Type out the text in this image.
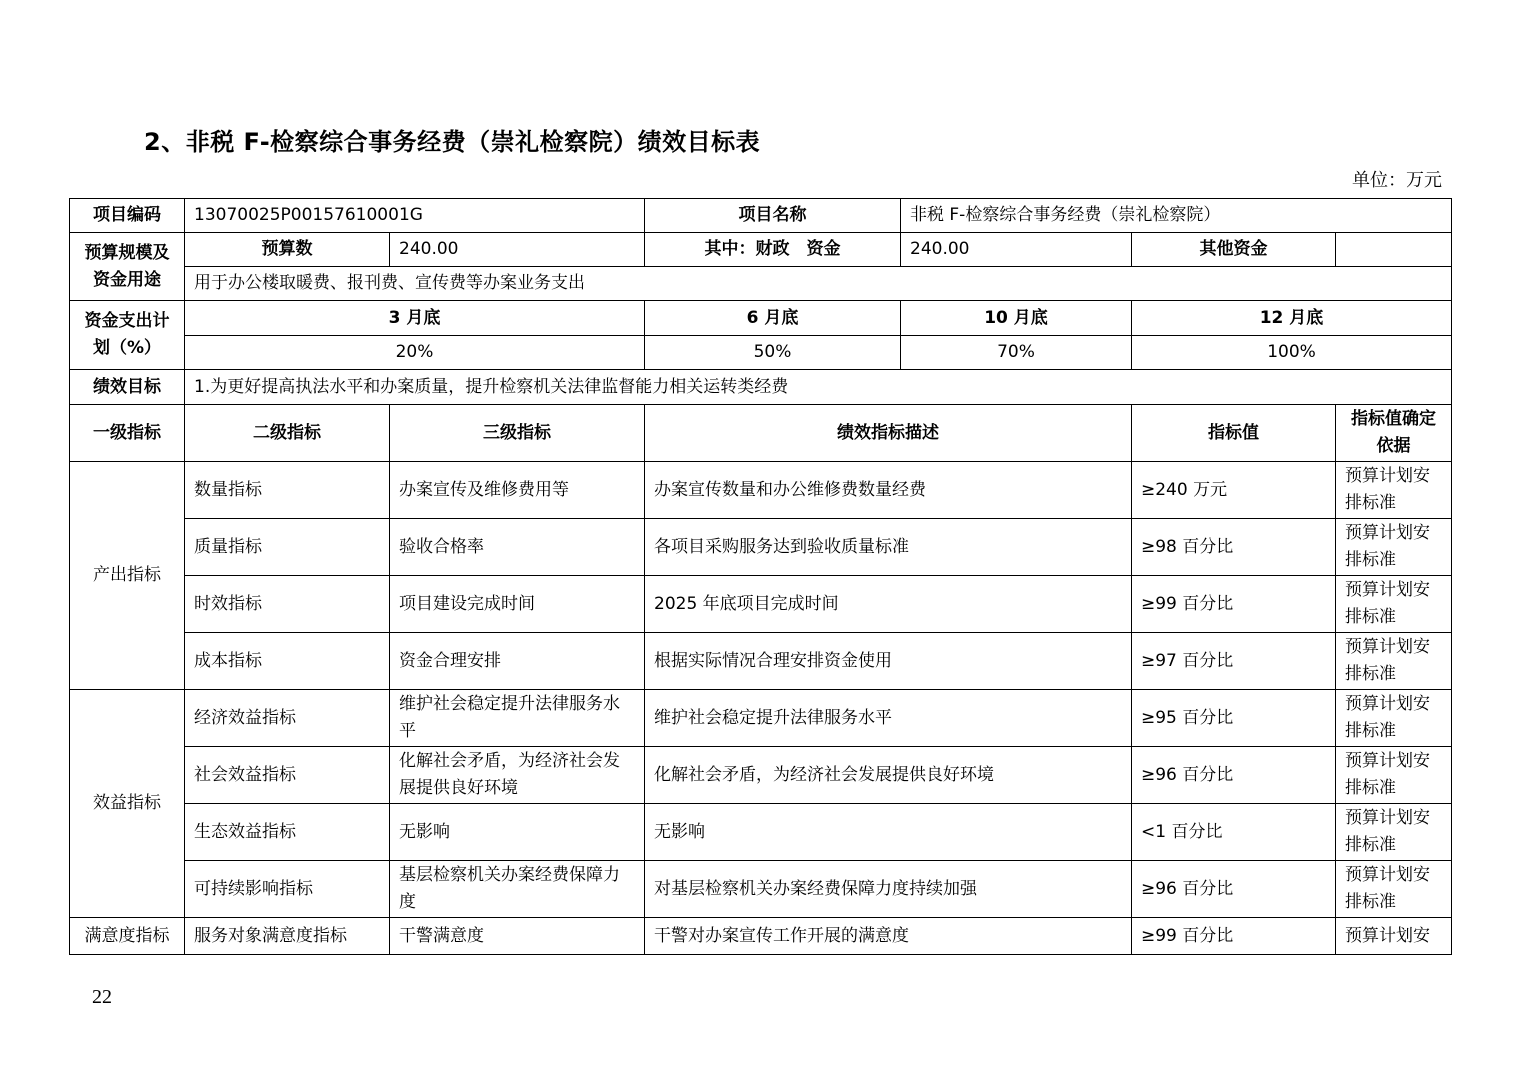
2、非税 F-检察综合事务经费（崇礼检察院）绩效目标表
单位：万元
项目编码	13070025P00157610001G		项目名称	非税 F-检察综合事务经费（崇礼检察院）		
预算规模及资金用途	预算数	240.00	其中：财政　资金	240.00	其他资金	
	用于办公楼取暖费、报刊费、宣传费等办案业务支出					
资金支出计划（%）	3 月底		6 月底	10 月底	12 月底	
	20%		50%	70%	100%	
绩效目标	1.为更好提高执法水平和办案质量，提升检察机关法律监督能力相关运转类经费					
一级指标	二级指标	三级指标	绩效指标描述		指标值	指标值确定依据
产出指标	数量指标	办案宣传及维修费用等	办案宣传数量和办公维修费数量经费		≥240 万元	预算计划安排标准
	质量指标	验收合格率	各项目采购服务达到验收质量标准		≥98 百分比	预算计划安排标准
	时效指标	项目建设完成时间	2025 年底项目完成时间		≥99 百分比	预算计划安排标准
	成本指标	资金合理安排	根据实际情况合理安排资金使用		≥97 百分比	预算计划安排标准
效益指标	经济效益指标	维护社会稳定提升法律服务水平	维护社会稳定提升法律服务水平		≥95 百分比	预算计划安排标准
	社会效益指标	化解社会矛盾，为经济社会发展提供良好环境	化解社会矛盾，为经济社会发展提供良好环境		≥96 百分比	预算计划安排标准
	生态效益指标	无影响	无影响		<1 百分比	预算计划安排标准
	可持续影响指标	基层检察机关办案经费保障力度	对基层检察机关办案经费保障力度持续加强		≥96 百分比	预算计划安排标准
满意度指标	服务对象满意度指标	干警满意度	干警对办案宣传工作开展的满意度		≥99 百分比	预算计划安
22
